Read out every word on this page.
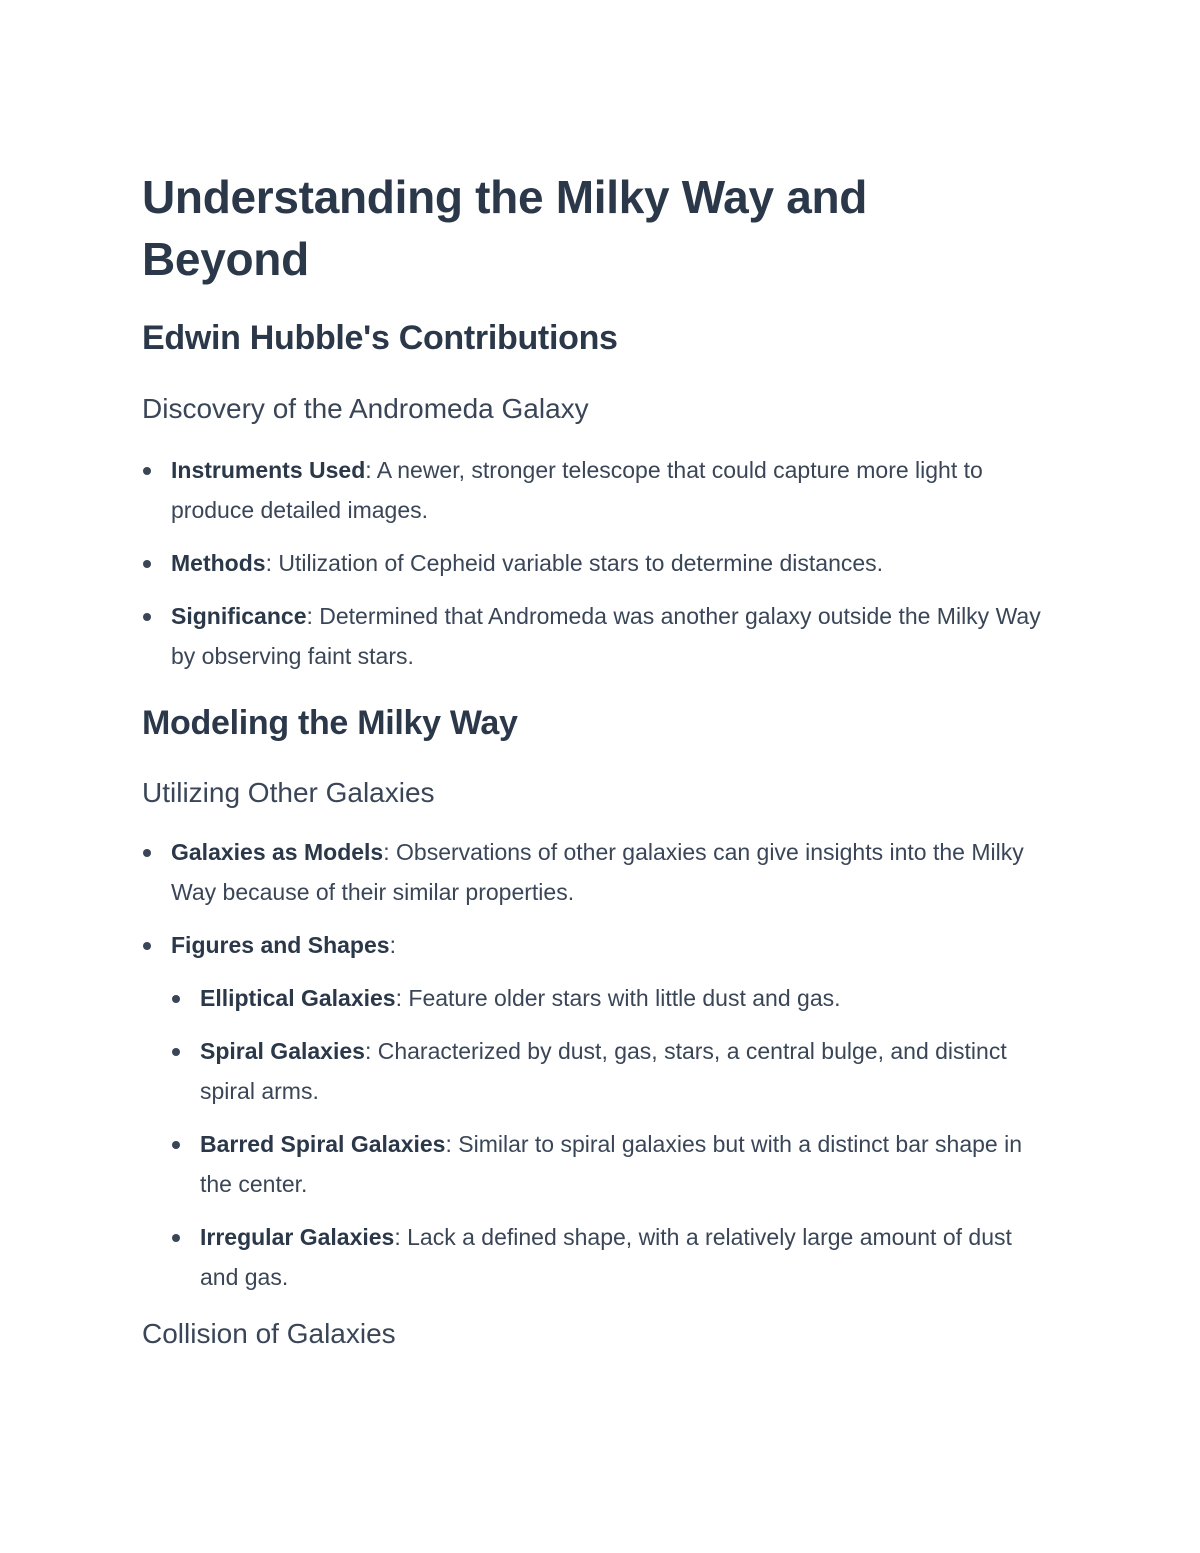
Understanding the Milky Way and Beyond
Edwin Hubble's Contributions
Discovery of the Andromeda Galaxy
Instruments Used: A newer, stronger telescope that could capture more light to produce detailed images.
Methods: Utilization of Cepheid variable stars to determine distances.
Significance: Determined that Andromeda was another galaxy outside the Milky Way by observing faint stars.
Modeling the Milky Way
Utilizing Other Galaxies
Galaxies as Models: Observations of other galaxies can give insights into the Milky Way because of their similar properties.
Figures and Shapes:
Elliptical Galaxies: Feature older stars with little dust and gas.
Spiral Galaxies: Characterized by dust, gas, stars, a central bulge, and distinct spiral arms.
Barred Spiral Galaxies: Similar to spiral galaxies but with a distinct bar shape in the center.
Irregular Galaxies: Lack a defined shape, with a relatively large amount of dust and gas.
Collision of Galaxies
